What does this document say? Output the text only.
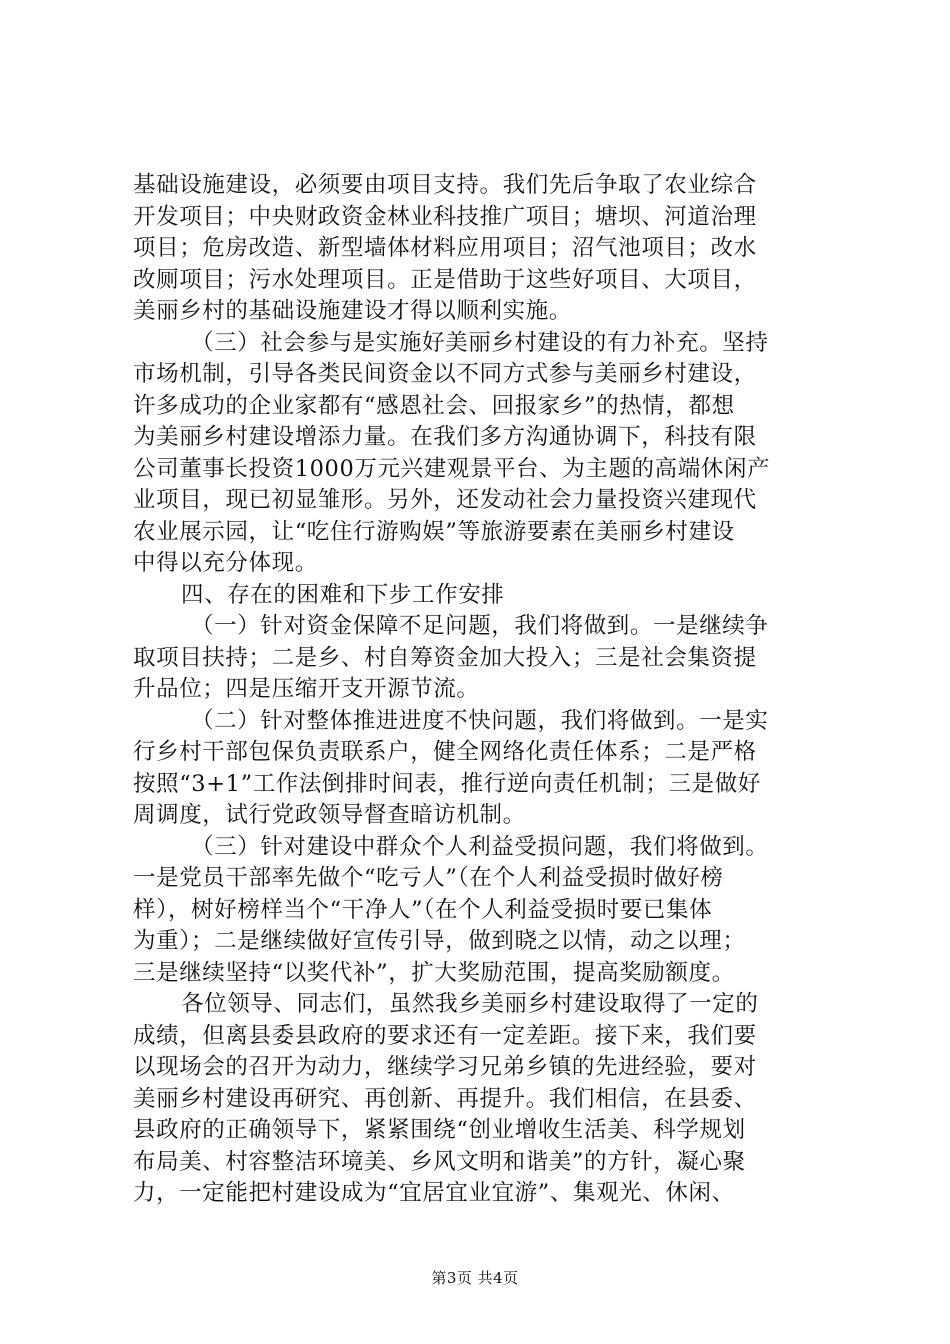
基础设施建设，必须要由项目支持。我们先后争取了农业综合
开发项目；中央财政资金林业科技推广项目；塘坝、河道治理
项目；危房改造、新型墙体材料应用项目；沼气池项目；改水
改厕项目；污水处理项目。正是借助于这些好项目、大项目，
美丽乡村的基础设施建设才得以顺利实施。
（三）社会参与是实施好美丽乡村建设的有力补充。坚持
市场机制，引导各类民间资金以不同方式参与美丽乡村建设，
许多成功的企业家都有“感恩社会、回报家乡”的热情，都想
为美丽乡村建设增添力量。在我们多方沟通协调下，科技有限
公司董事长投资1000万元兴建观景平台、为主题的高端休闲产
业项目，现已初显雏形。另外，还发动社会力量投资兴建现代
农业展示园，让“吃住行游购娱”等旅游要素在美丽乡村建设
中得以充分体现。
四、存在的困难和下步工作安排
（一）针对资金保障不足问题，我们将做到。一是继续争
取项目扶持；二是乡、村自筹资金加大投入；三是社会集资提
升品位；四是压缩开支开源节流。
（二）针对整体推进进度不快问题，我们将做到。一是实
行乡村干部包保负责联系户，健全网络化责任体系；二是严格
按照“3+1”工作法倒排时间表，推行逆向责任机制；三是做好
周调度，试行党政领导督查暗访机制。
（三）针对建设中群众个人利益受损问题，我们将做到。
一是党员干部率先做个“吃亏人”（在个人利益受损时做好榜
样），树好榜样当个“干净人”（在个人利益受损时要已集体
为重）；二是继续做好宣传引导，做到晓之以情，动之以理；
三是继续坚持“以奖代补”，扩大奖励范围，提高奖励额度。
各位领导、同志们，虽然我乡美丽乡村建设取得了一定的
成绩，但离县委县政府的要求还有一定差距。接下来，我们要
以现场会的召开为动力，继续学习兄弟乡镇的先进经验，要对
美丽乡村建设再研究、再创新、再提升。我们相信，在县委、
县政府的正确领导下，紧紧围绕“创业增收生活美、科学规划
布局美、村容整洁环境美、乡风文明和谐美”的方针，凝心聚
力，一定能把村建设成为“宜居宜业宜游”、集观光、休闲、
第3页 共4页
